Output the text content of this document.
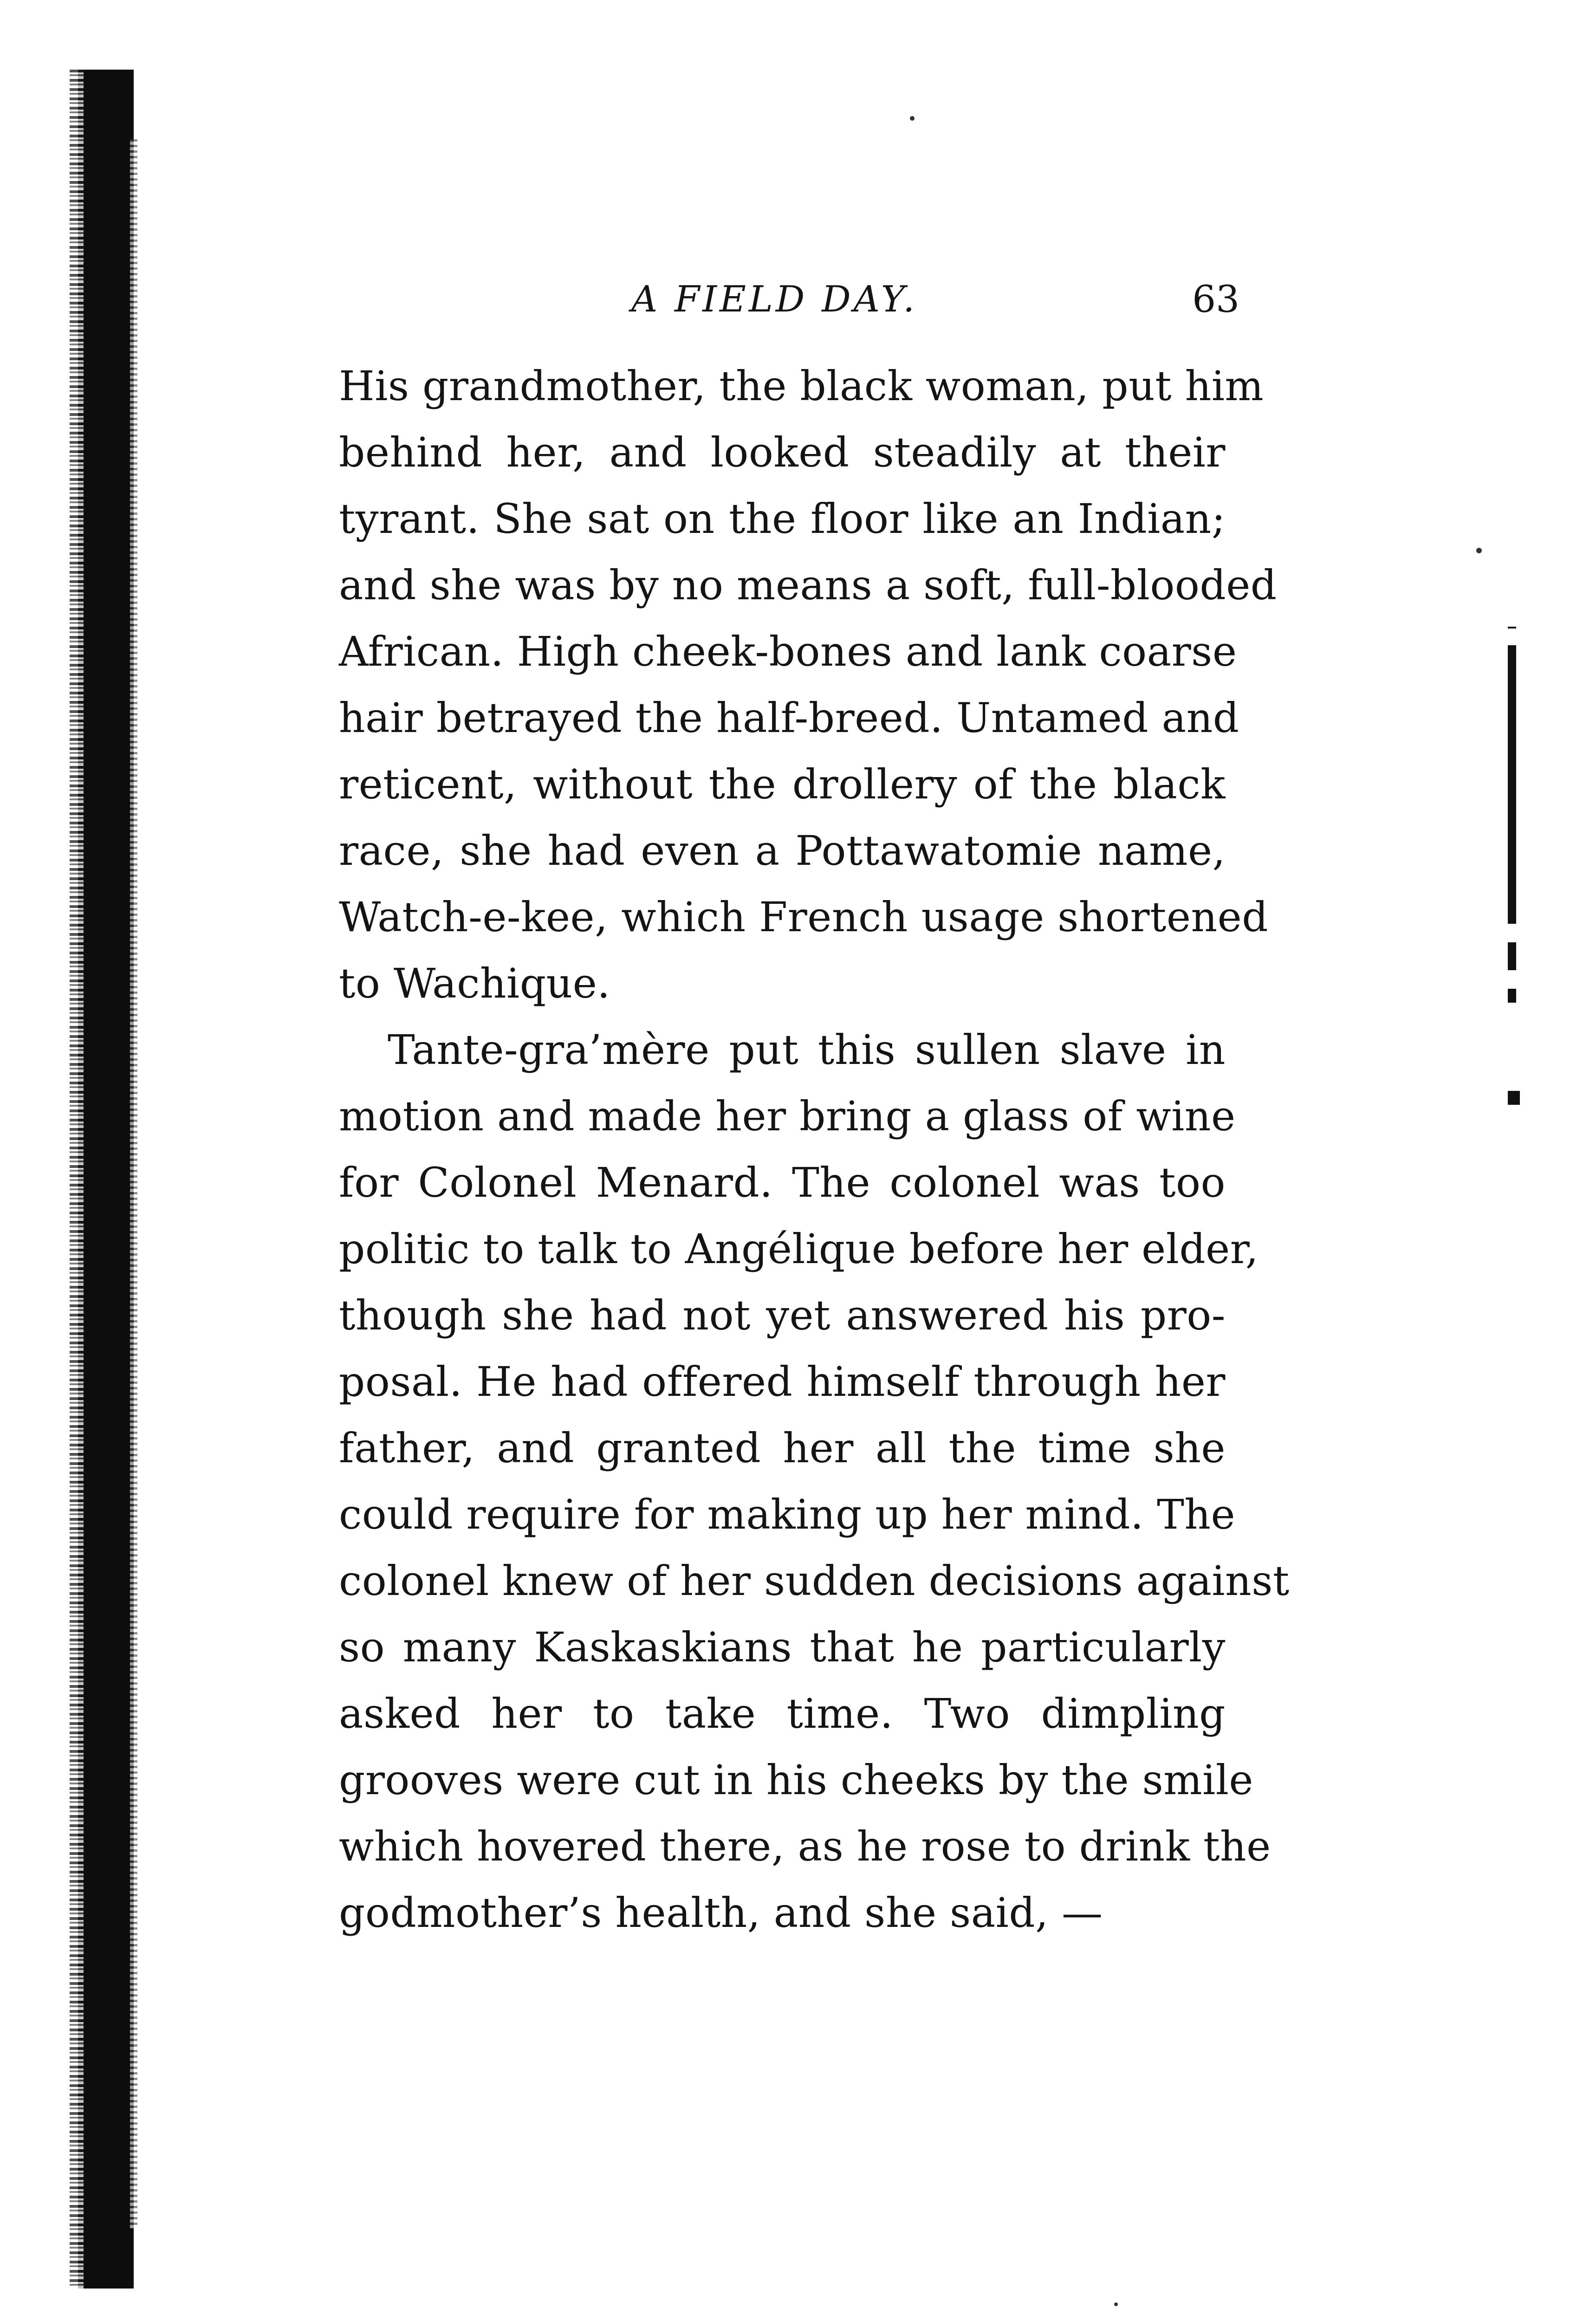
A FIELD DAY.	63
His grandmother, the black woman, put him
behind her, and looked steadily at their
tyrant. She sat on the floor like an Indian;
and she was by no means a soft, full-blooded
African. High cheek-bones and lank coarse
hair betrayed the half-breed. Untamed and
reticent, without the drollery of the black
race, she had even a Pottawatomie name,
Watch-e-kee, which French usage shortened
to Wachique.
Tante-gra’mère put this sullen slave in
motion and made her bring a glass of wine
for Colonel Menard. The colonel was too
politic to talk to Angélique before her elder,
though she had not yet answered his pro-
posal. He had offered himself through her
father, and granted her all the time she
could require for making up her mind. The
colonel knew of her sudden decisions against
so many Kaskaskians that he particularly
asked her to take time. Two dimpling
grooves were cut in his cheeks by the smile
which hovered there, as he rose to drink the
godmother’s health, and she said, —
